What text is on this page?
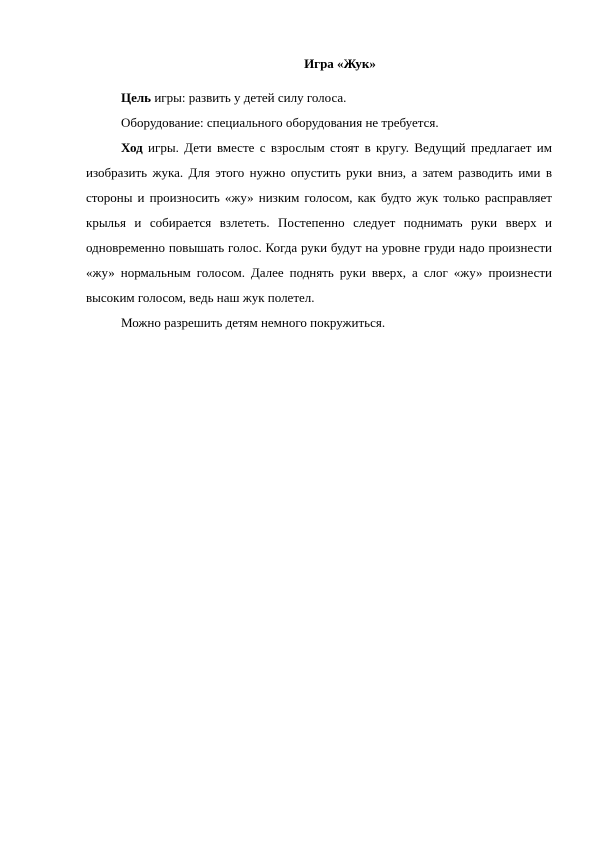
Игра «Жук»

Цель игры: развить у детей силу голоса.

Оборудование: специального оборудования не требуется.

Ход игры. Дети вместе с взрослым стоят в кругу. Ведущий предлагает им изобразить жука. Для этого нужно опустить руки вниз, а затем разводить ими в стороны и произносить «жу» низким голосом, как будто жук только расправляет крылья и собирается взлететь. Постепенно следует поднимать руки вверх и одновременно повышать голос. Когда руки будут на уровне груди надо произнести «жу» нормальным голосом. Далее поднять руки вверх, а слог «жу» произнести высоким голосом, ведь наш жук полетел.

Можно разрешить детям немного покружиться.
